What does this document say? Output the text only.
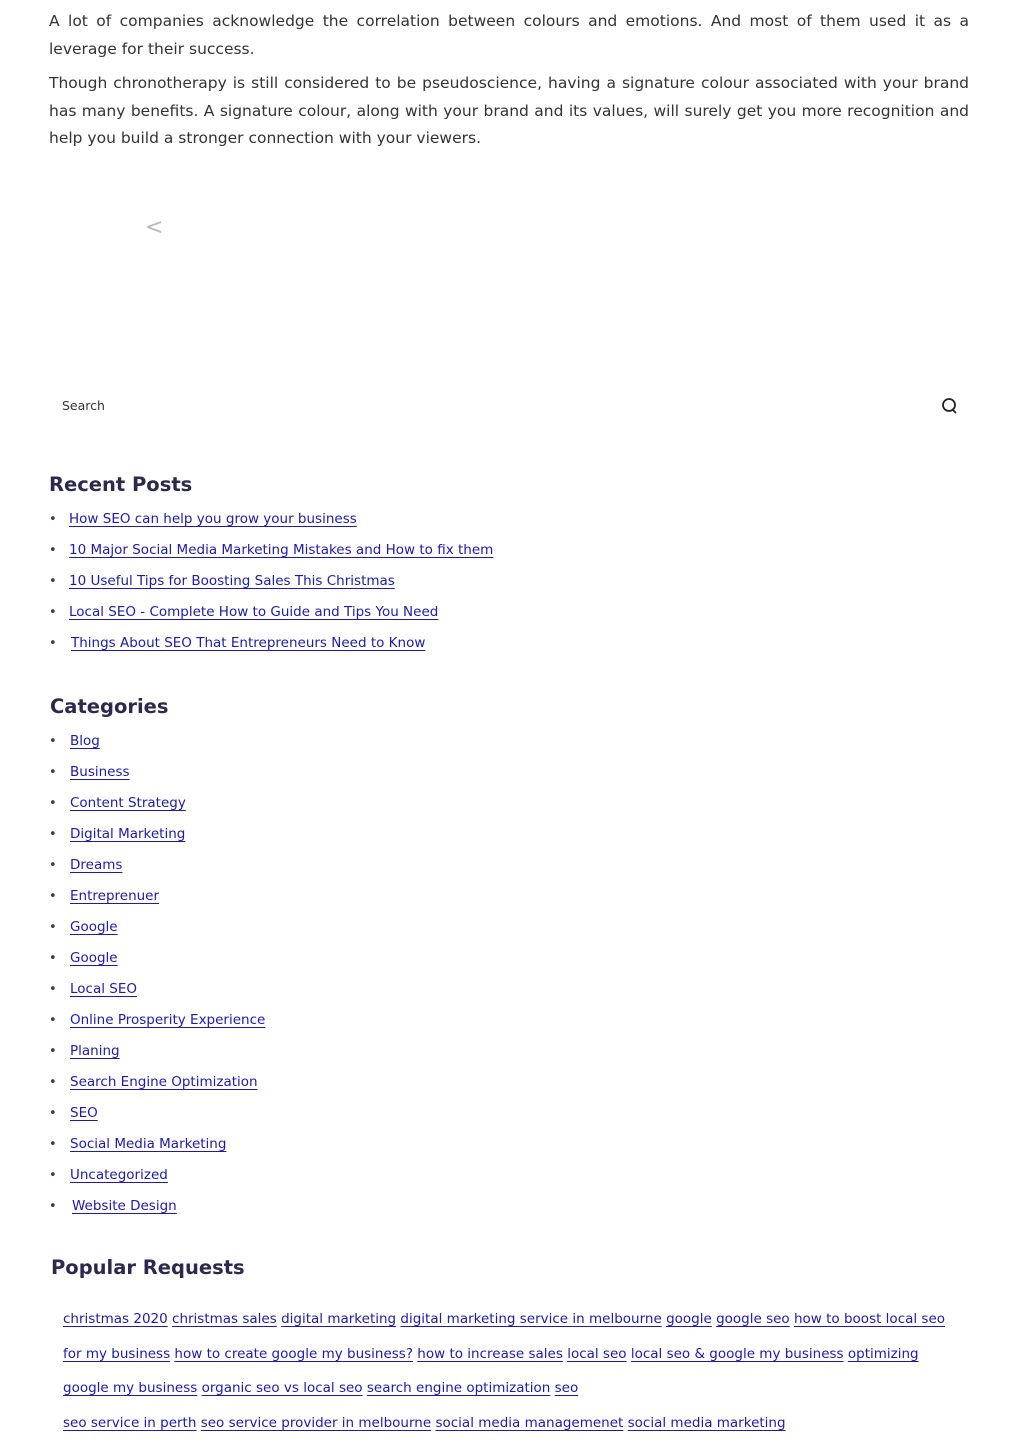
A lot of companies acknowledge the correlation between colours and emotions. And most of them used it as a leverage for their success.

Though chronotherapy is still considered to be pseudoscience, having a signature colour associated with your brand has many benefits. A signature colour, along with your brand and its values, will surely get you more recognition and help you build a stronger connection with your viewers.

<
Search
Recent Posts
• How SEO can help you grow your business
• 10 Major Social Media Marketing Mistakes and How to fix them
• 10 Useful Tips for Boosting Sales This Christmas
• Local SEO - Complete How to Guide and Tips You Need
• Things About SEO That Entrepreneurs Need to Know
Categories
• Blog
• Business
• Content Strategy
• Digital Marketing
• Dreams
• Entreprenuer
• Google
• Google
• Local SEO
• Online Prosperity Experience
• Planing
• Search Engine Optimization
• SEO
• Social Media Marketing
• Uncategorized
• Website Design
Popular Requests
christmas 2020 christmas sales digital marketing digital marketing service in melbourne google google seo how to boost local seo for my business how to create google my business? how to increase sales local seo local seo & google my business optimizing google my business organic seo vs local seo search engine optimization seo
seo service in perth seo service provider in melbourne social media managemenet social media marketing
